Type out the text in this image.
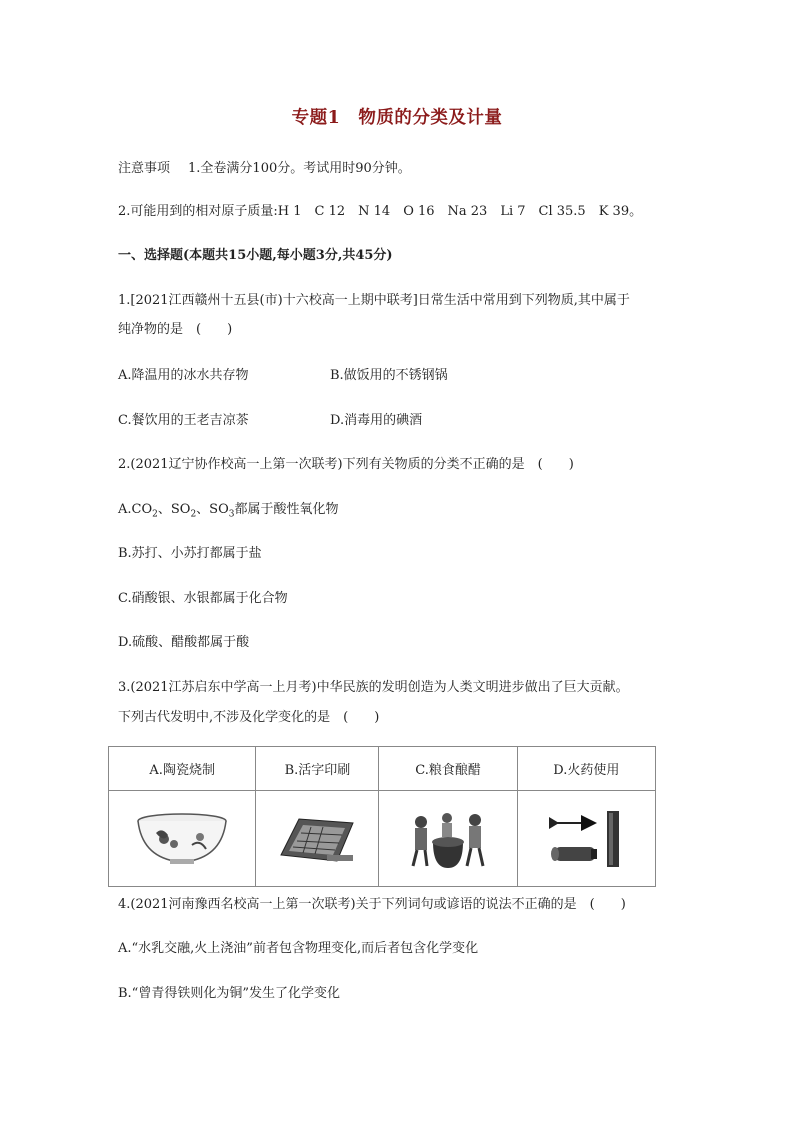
专题1　物质的分类及计量
注意事项 1.全卷满分100分。考试用时90分钟。
2.可能用到的相对原子质量:H 1　C 12　N 14　O 16　Na 23　Li 7　Cl 35.5　K 39。
一、选择题(本题共15小题,每小题3分,共45分)
1.[2021江西赣州十五县(市)十六校高一上期中联考]日常生活中常用到下列物质,其中属于
纯净物的是　(　　)
A.降温用的冰水共存物	B.做饭用的不锈钢锅
C.餐饮用的王老吉凉茶	D.消毒用的碘酒
2.(2021辽宁协作校高一上第一次联考)下列有关物质的分类不正确的是　(　　)
$A.CO_2$、$SO_2$、$SO_3$都属于酸性氧化物
B.苏打、小苏打都属于盐
C.硝酸银、水银都属于化合物
D.硫酸、醋酸都属于酸
3.(2021江苏启东中学高一上月考)中华民族的发明创造为人类文明进步做出了巨大贡献。
下列古代发明中,不涉及化学变化的是　(　　)
A.陶瓷烧制	B.活字印刷	C.粮食酿醋	D.火药使用

4.(2021河南豫西名校高一上第一次联考)关于下列词句或谚语的说法不正确的是　(　　)
A.“水乳交融,火上浇油”前者包含物理变化,而后者包含化学变化
B.“曾青得铁则化为铜”发生了化学变化
